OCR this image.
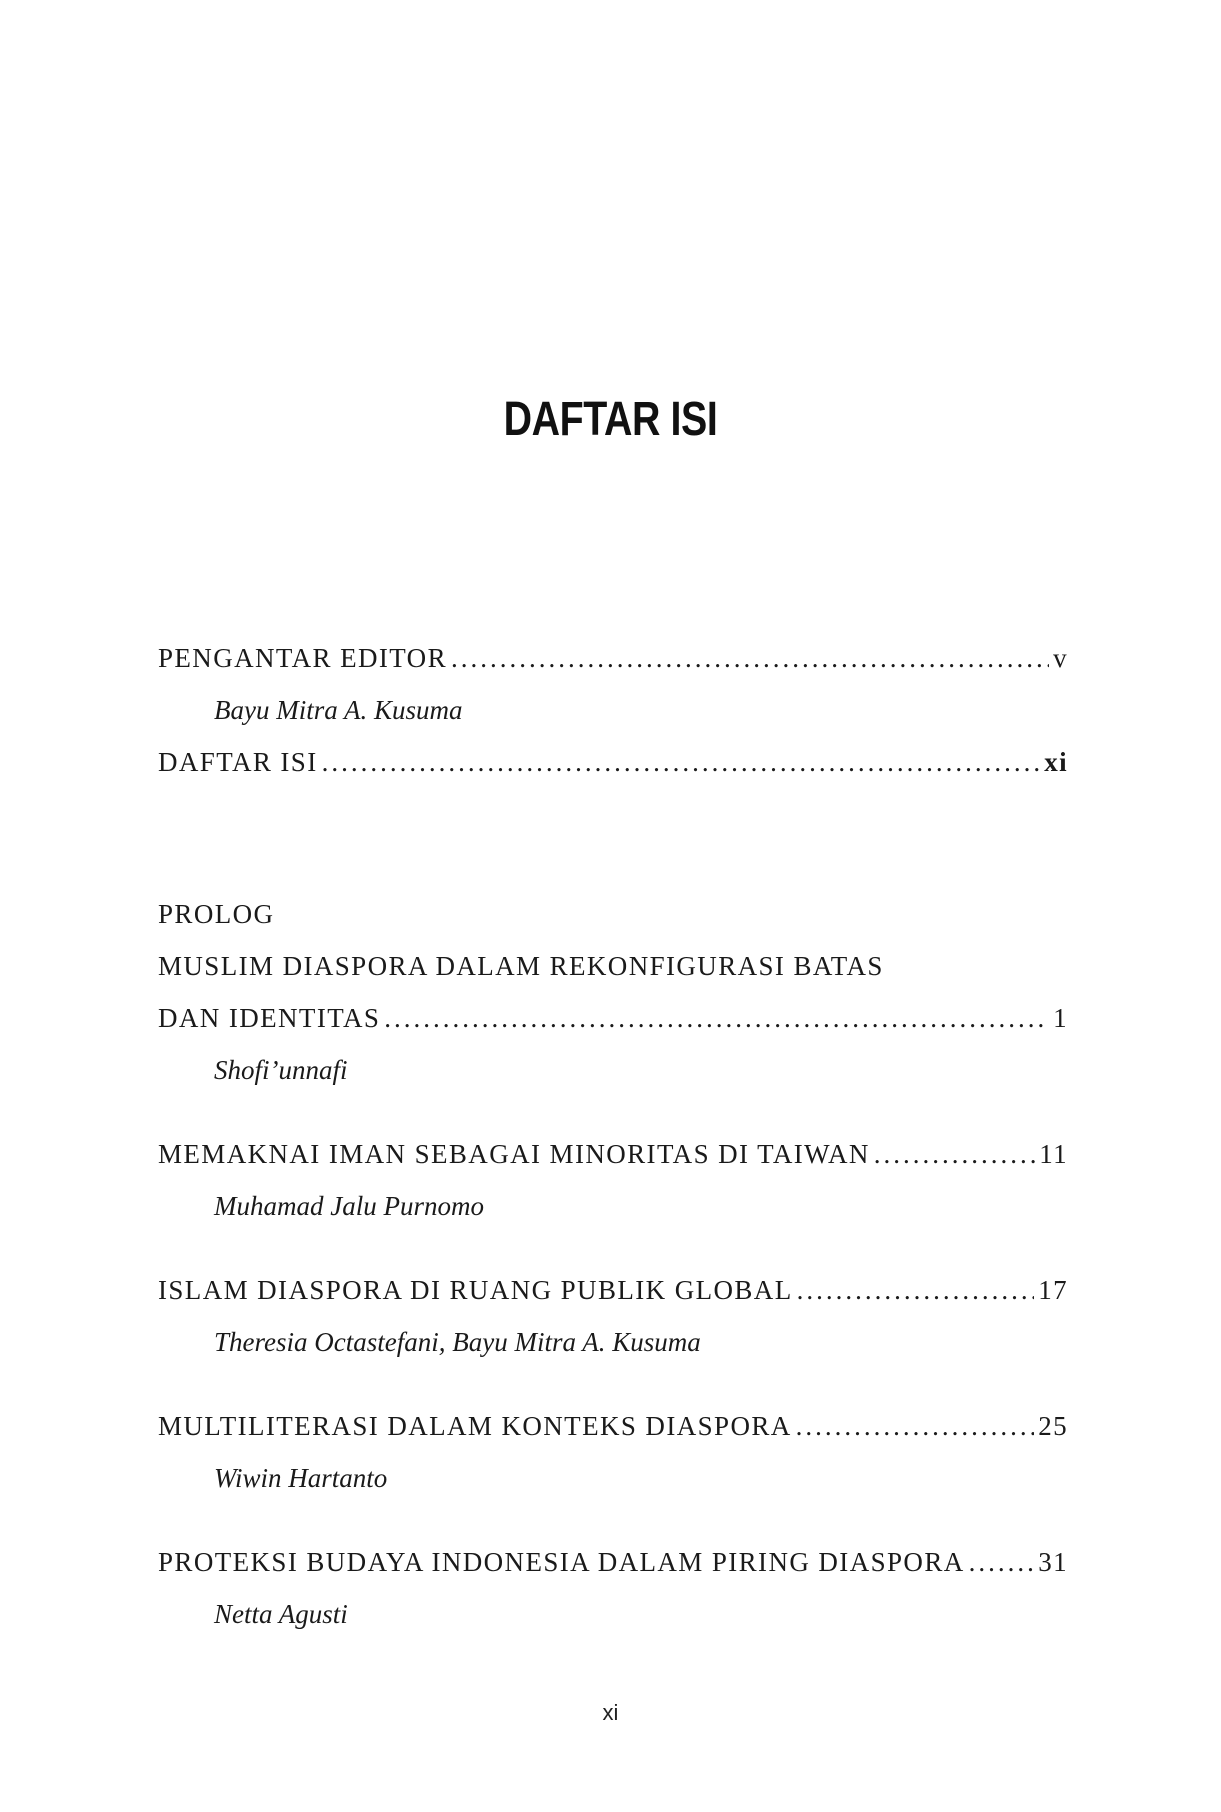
DAFTAR ISI
PENGANTAR EDITOR .....	v
Bayu Mitra A. Kusuma
DAFTAR ISI .....	xi
PROLOG
MUSLIM DIASPORA DALAM REKONFIGURASI BATAS
DAN IDENTITAS .....	1
Shofi’unnafi
MEMAKNAI IMAN SEBAGAI MINORITAS DI TAIWAN .....	11
Muhamad Jalu Purnomo
ISLAM DIASPORA DI RUANG PUBLIK GLOBAL .....	17
Theresia Octastefani, Bayu Mitra A. Kusuma
MULTILITERASI DALAM KONTEKS DIASPORA .....	25
Wiwin Hartanto
PROTEKSI BUDAYA INDONESIA DALAM PIRING DIASPORA .....	31
Netta Agusti
xi
